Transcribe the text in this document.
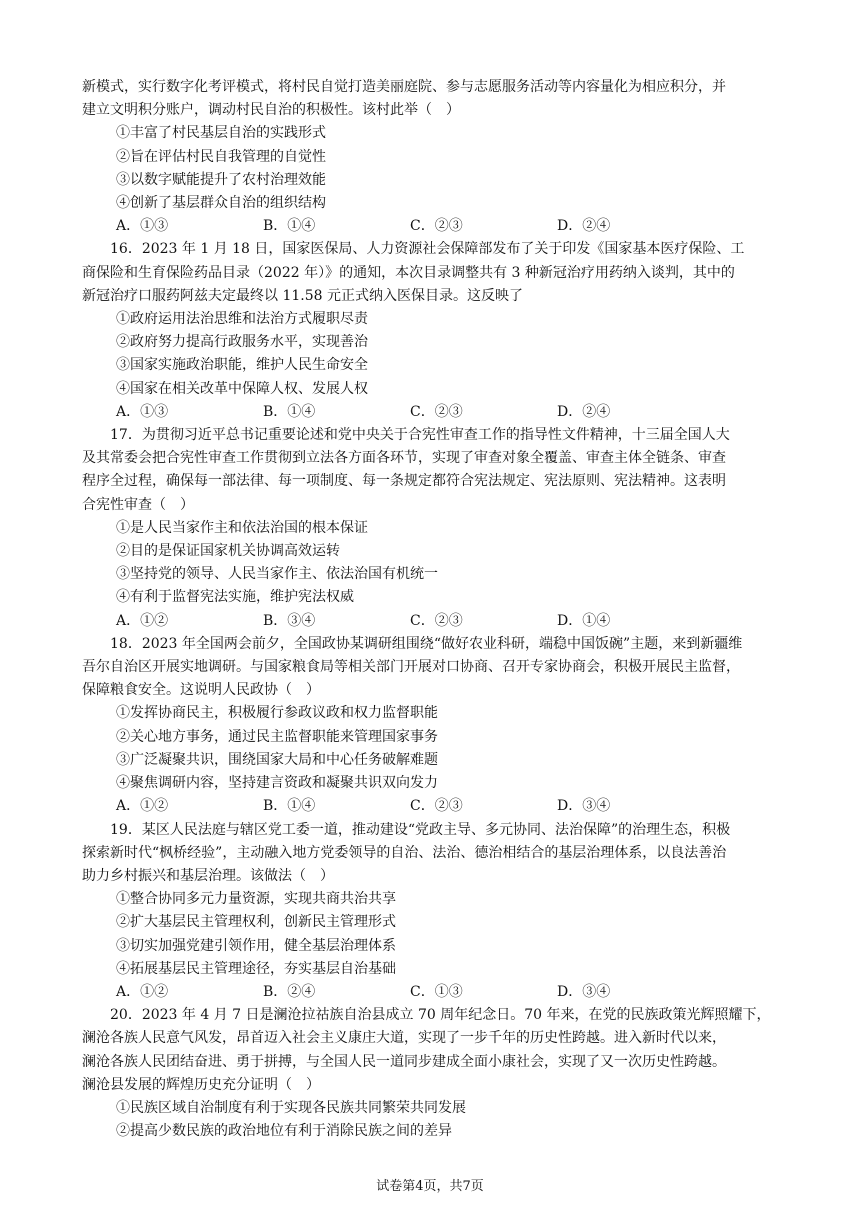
新模式，实行数字化考评模式，将村民自觉打造美丽庭院、参与志愿服务活动等内容量化为相应积分，并

建立文明积分账户，调动村民自治的积极性。该村此举（　）

①丰富了村民基层自治的实践形式

②旨在评估村民自我管理的自觉性

③以数字赋能提升了农村治理效能

④创新了基层群众自治的组织结构

A．①③	B．①④	C．②③	D．②④

16．2023 年 1 月 18 日，国家医保局、人力资源社会保障部发布了关于印发《国家基本医疗保险、工

商保险和生育保险药品目录（2022 年）》的通知，本次目录调整共有 3 种新冠治疗用药纳入谈判，其中的

新冠治疗口服药阿兹夫定最终以 11.58 元正式纳入医保目录。这反映了

①政府运用法治思维和法治方式履职尽责

②政府努力提高行政服务水平，实现善治

③国家实施政治职能，维护人民生命安全

④国家在相关改革中保障人权、发展人权

A．①③	B．①④	C．②③	D．②④

17．为贯彻习近平总书记重要论述和党中央关于合宪性审查工作的指导性文件精神，十三届全国人大

及其常委会把合宪性审查工作贯彻到立法各方面各环节，实现了审查对象全覆盖、审查主体全链条、审查

程序全过程，确保每一部法律、每一项制度、每一条规定都符合宪法规定、宪法原则、宪法精神。这表明

合宪性审查（　）

①是人民当家作主和依法治国的根本保证

②目的是保证国家机关协调高效运转

③坚持党的领导、人民当家作主、依法治国有机统一

④有利于监督宪法实施，维护宪法权威

A．①②	B．③④	C．②③	D．①④

18．2023 年全国两会前夕，全国政协某调研组围绕“做好农业科研，端稳中国饭碗”主题，来到新疆维

吾尔自治区开展实地调研。与国家粮食局等相关部门开展对口协商、召开专家协商会，积极开展民主监督，

保障粮食安全。这说明人民政协（　）

①发挥协商民主，积极履行参政议政和权力监督职能

②关心地方事务，通过民主监督职能来管理国家事务

③广泛凝聚共识，围绕国家大局和中心任务破解难题

④聚焦调研内容，坚持建言资政和凝聚共识双向发力

A．①②	B．①④	C．②③	D．③④

19．某区人民法庭与辖区党工委一道，推动建设“党政主导、多元协同、法治保障”的治理生态，积极

探索新时代“枫桥经验”，主动融入地方党委领导的自治、法治、德治相结合的基层治理体系，以良法善治

助力乡村振兴和基层治理。该做法（　）

①整合协同多元力量资源，实现共商共治共享

②扩大基层民主管理权利，创新民主管理形式

③切实加强党建引领作用，健全基层治理体系

④拓展基层民主管理途径，夯实基层自治基础

A．①②	B．②④	C．①③	D．③④

20．2023 年 4 月 7 日是澜沧拉祜族自治县成立 70 周年纪念日。70 年来，在党的民族政策光辉照耀下，

澜沧各族人民意气风发，昂首迈入社会主义康庄大道，实现了一步千年的历史性跨越。进入新时代以来，

澜沧各族人民团结奋进、勇于拼搏，与全国人民一道同步建成全面小康社会，实现了又一次历史性跨越。

澜沧县发展的辉煌历史充分证明（　）

①民族区域自治制度有利于实现各民族共同繁荣共同发展

②提高少数民族的政治地位有利于消除民族之间的差异

试卷第4页，共7页
